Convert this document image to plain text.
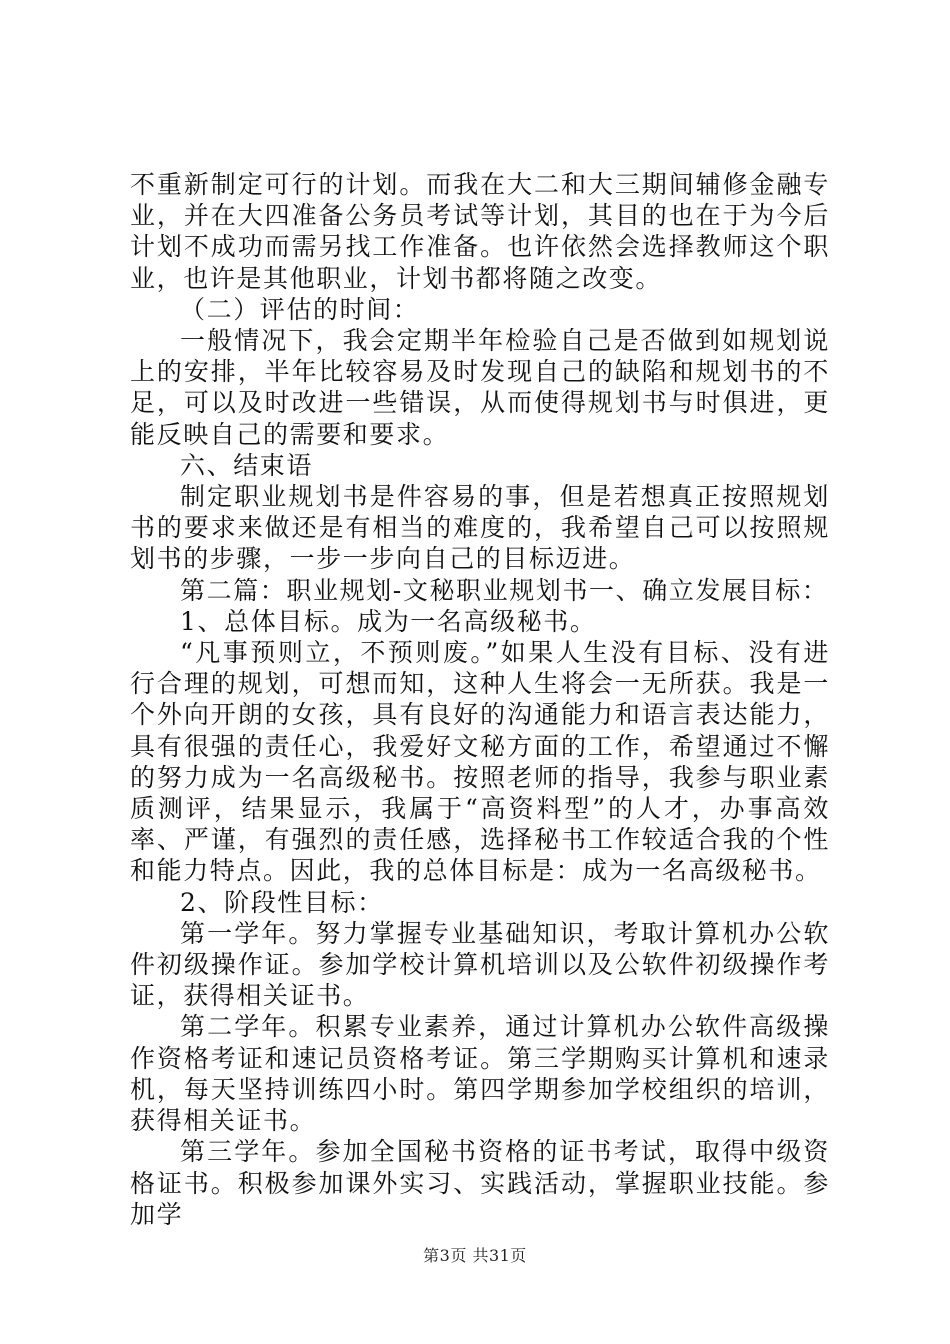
不重新制定可行的计划。而我在大二和大三期间辅修金融专业，并在大四准备公务员考试等计划，其目的也在于为今后计划不成功而需另找工作准备。也许依然会选择教师这个职业，也许是其他职业，计划书都将随之改变。

（二）评估的时间：

一般情况下，我会定期半年检验自己是否做到如规划说上的安排，半年比较容易及时发现自己的缺陷和规划书的不足，可以及时改进一些错误，从而使得规划书与时俱进，更能反映自己的需要和要求。

六、结束语

制定职业规划书是件容易的事，但是若想真正按照规划书的要求来做还是有相当的难度的，我希望自己可以按照规划书的步骤，一步一步向自己的目标迈进。

第二篇：职业规划-文秘职业规划书一、确立发展目标：

1、总体目标。成为一名高级秘书。

“凡事预则立，不预则废。”如果人生没有目标、没有进行合理的规划，可想而知，这种人生将会一无所获。我是一个外向开朗的女孩，具有良好的沟通能力和语言表达能力，具有很强的责任心，我爱好文秘方面的工作，希望通过不懈的努力成为一名高级秘书。按照老师的指导，我参与职业素质测评，结果显示，我属于“高资料型”的人才，办事高效率、严谨，有强烈的责任感，选择秘书工作较适合我的个性和能力特点。因此，我的总体目标是：成为一名高级秘书。

2、阶段性目标：

第一学年。努力掌握专业基础知识，考取计算机办公软件初级操作证。参加学校计算机培训以及公软件初级操作考证，获得相关证书。

第二学年。积累专业素养，通过计算机办公软件高级操作资格考证和速记员资格考证。第三学期购买计算机和速录机，每天坚持训练四小时。第四学期参加学校组织的培训，获得相关证书。

第三学年。参加全国秘书资格的证书考试，取得中级资格证书。积极参加课外实习、实践活动，掌握职业技能。参加学

第3页 共31页
